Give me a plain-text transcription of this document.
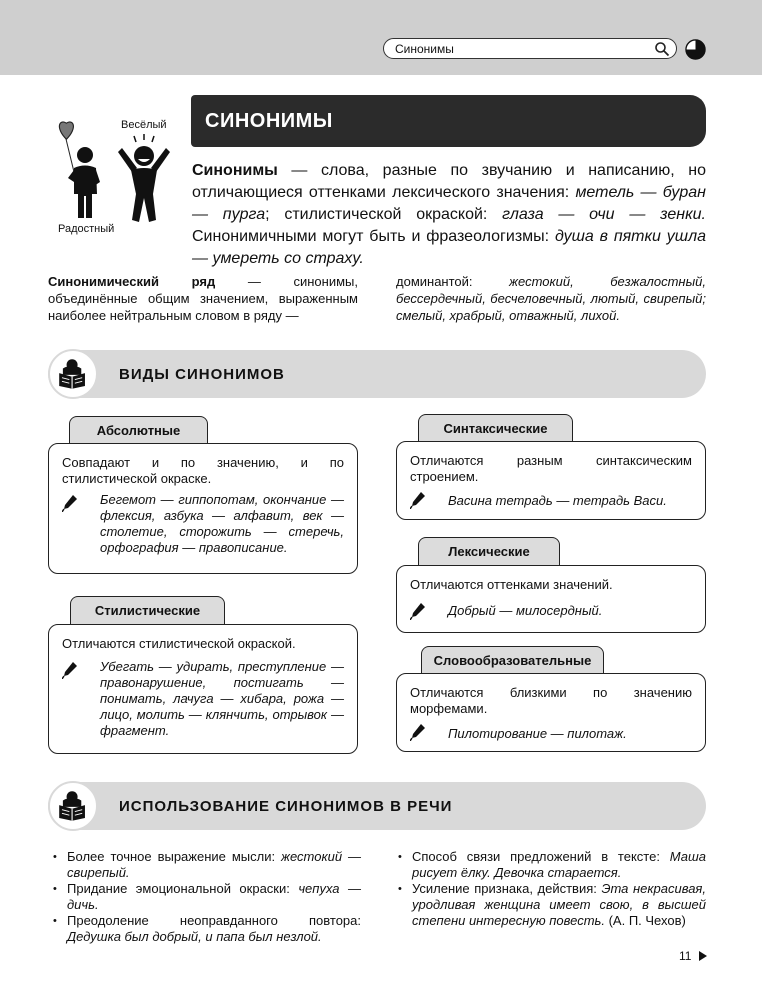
Синонимы
Весёлый
Радостный
СИНОНИМЫ
Синонимы — слова, разные по звучанию и написанию, но отличающиеся оттенками лексического значения: метель — буран — пурга; стилистической окраской: глаза — очи — зенки. Синонимичными могут быть и фразеологизмы: душа в пятки ушла — умереть со страху.
Синонимический ряд — синонимы, объединённые общим значением, выраженным наиболее нейтральным словом в ряду —
доминантой: жестокий, безжалостный, бессердечный, бесчеловечный, лютый, свирепый; смелый, храбрый, отважный, лихой.
ВИДЫ СИНОНИМОВ
Абсолютные
Совпадают и по значению, и по стилистической окраске.
Бегемот — гиппопотам, окончание — флексия, азбука — алфавит, век — столетие, сторожить — стеречь, орфография — правописание.
Стилистические
Отличаются стилистической окраской.
Убегать — удирать, преступление — правонарушение, постигать — понимать, лачуга — хибара, рожа — лицо, молить — клянчить, отрывок — фрагмент.
Синтаксические
Отличаются разным синтаксическим строением.
Васина тетрадь — тетрадь Васи.
Лексические
Отличаются оттенками значений.
Добрый — милосердный.
Словообразовательные
Отличаются близкими по значению морфемами.
Пилотирование — пилотаж.
ИСПОЛЬЗОВАНИЕ СИНОНИМОВ В РЕЧИ
• Более точное выражение мысли: жестокий — свирепый.
• Придание эмоциональной окраски: чепуха — дичь.
• Преодоление неоправданного повтора: Дедушка был добрый, и папа был незлой.
• Способ связи предложений в тексте: Маша рисует ёлку. Девочка старается.
• Усиление признака, действия: Эта некрасивая, уродливая женщина имеет свою, в высшей степени интересную повесть. (А. П. Чехов)
11
